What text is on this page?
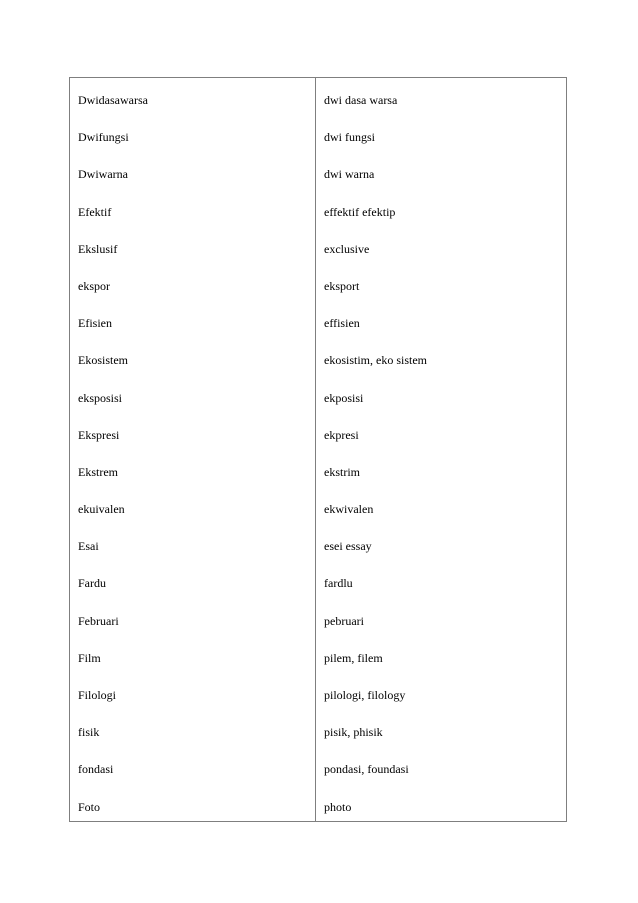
Dwidasawarsa
Dwifungsi
Dwiwarna
Efektif
Ekslusif
ekspor
Efisien
Ekosistem
eksposisi
Ekspresi
Ekstrem
ekuivalen
Esai
Fardu
Februari
Film
Filologi
fisik
fondasi
Foto
dwi dasa warsa
dwi fungsi
dwi warna
effektif efektip
exclusive
eksport
effisien
ekosistim, eko sistem
ekposisi
ekpresi
ekstrim
ekwivalen
esei essay
fardlu
pebruari
pilem, filem
pilologi, filology
pisik, phisik
pondasi, foundasi
photo
